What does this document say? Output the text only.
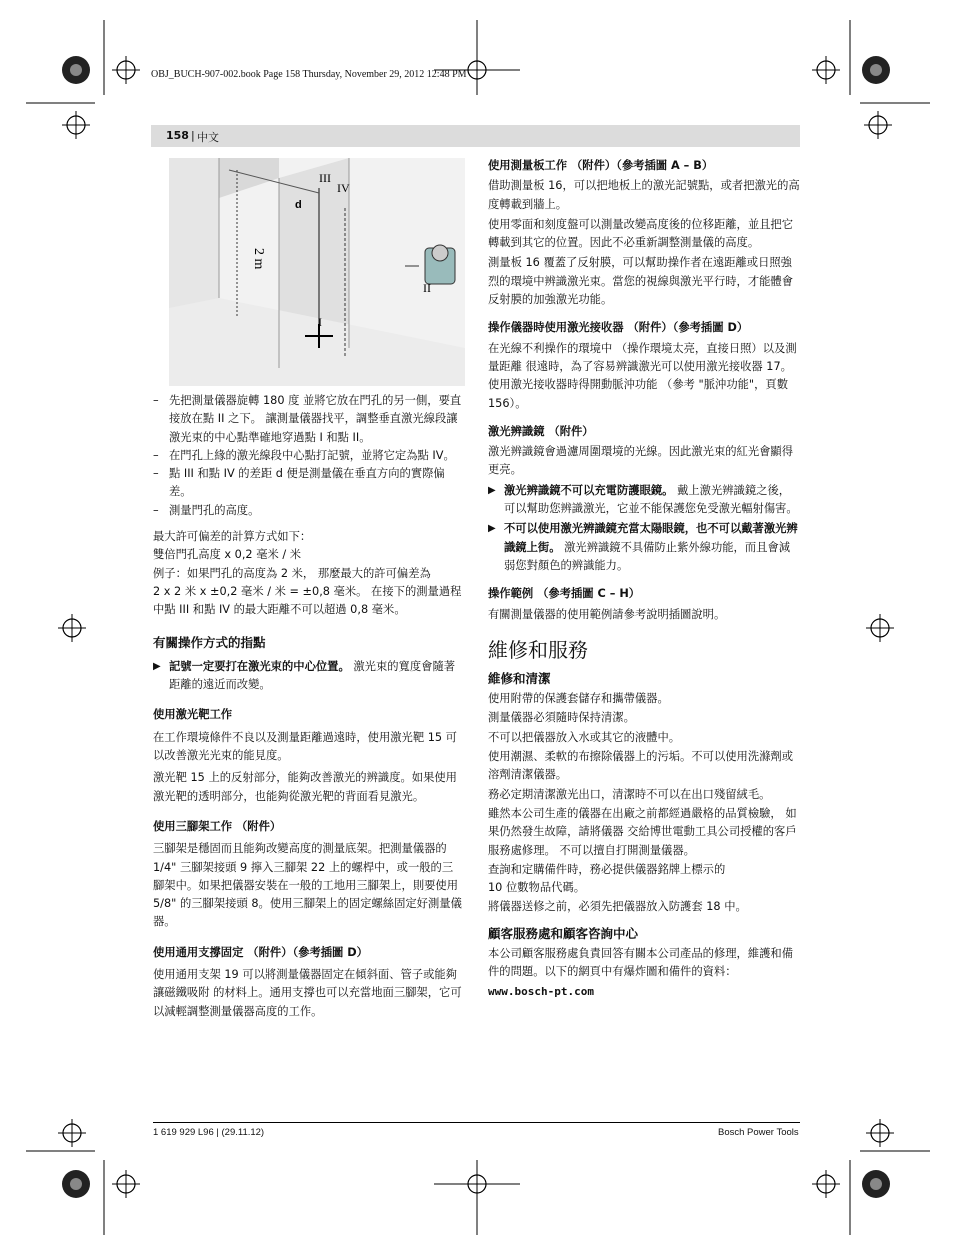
OBJ_BUCH-907-002.book Page 158 Thursday, November 29, 2012 12:48 PM
158 | 中文
III
IV
d
2 m
II
I
– 先把測量儀器旋轉 180 度 並將它放在門孔的另一側，要直接放在點 II 之下。 讓測量儀器找平，調整垂直激光線段讓激光束的中心點準確地穿過點 I 和點 II。
– 在門孔上緣的激光線段中心點打記號，並將它定為點 IV。
– 點 III 和點 IV 的差距 d 便是測量儀在垂直方向的實際偏差。
– 測量門孔的高度。

最大許可偏差的計算方式如下：
雙倍門孔高度 x 0,2 毫米 / 米
例子：如果門孔的高度為 2 米， 那麼最大的許可偏差為
2 x 2 米 x ±0,2 毫米 / 米 = ±0,8 毫米。 在接下的測量過程中點 III 和點 IV 的最大距離不可以超過 0,8 毫米。

有關操作方式的指點

▶ 記號一定要打在激光束的中心位置。 激光束的寬度會隨著距離的遠近而改變。

使用激光靶工作

在工作環境條件不良以及測量距離過遠時，使用激光靶 15 可以改善激光光束的能見度。

激光靶 15 上的反射部分，能夠改善激光的辨識度。如果使用激光靶的透明部分，也能夠從激光靶的背面看見激光。

使用三腳架工作 （附件）

三腳架是穩固而且能夠改變高度的測量底架。把測量儀器的 1/4" 三腳架接頭 9 擰入三腳架 22 上的螺桿中，或一般的三腳架中。如果把儀器安裝在一般的工地用三腳架上，則要使用 5/8" 的三腳架接頭 8。使用三腳架上的固定螺絲固定好測量儀器。

使用通用支撐固定 （附件）（參考插圖 D）

使用通用支架 19 可以將測量儀器固定在傾斜面、管子或能夠讓磁鐵吸附 的材料上。通用支撐也可以充當地面三腳架，它可以減輕調整測量儀器高度的工作。

使用測量板工作 （附件）（參考插圖 A – B）

借助測量板 16，可以把地板上的激光記號點，或者把激光的高度轉載到牆上。

使用零面和刻度盤可以測量改變高度後的位移距離，並且把它轉載到其它的位置。因此不必重新調整測量儀的高度。

測量板 16 覆蓋了反射膜，可以幫助操作者在遠距離或日照強烈的環境中辨識激光束。當您的視線與激光平行時，才能體會反射膜的加強激光功能。

操作儀器時使用激光接收器 （附件）（參考插圖 D）

在光線不利操作的環境中 （操作環境太亮，直接日照）以及測量距離 很遠時，為了容易辨識激光可以使用激光接收器 17。使用激光接收器時得開動脈沖功能 （參考 "脈沖功能"，頁數 156）。

激光辨識鏡 （附件）

激光辨識鏡會過濾周圍環境的光線。因此激光束的紅光會顯得更亮。

▶ 激光辨識鏡不可以充電防護眼鏡。 戴上激光辨識鏡之後，可以幫助您辨識激光，它並不能保護您免受激光輻射傷害。
▶ 不可以使用激光辨識鏡充當太陽眼鏡，也不可以戴著激光辨識鏡上街。 激光辨識鏡不具備防止紫外線功能，而且會減弱您對顏色的辨識能力。

操作範例 （參考插圖 C – H）

有關測量儀器的使用範例請參考說明插圖說明。

維修和服務

維修和清潔

使用附帶的保護套儲存和攜帶儀器。

測量儀器必須隨時保持清潔。

不可以把儀器放入水或其它的液體中。

使用潮濕、柔軟的布擦除儀器上的污垢。不可以使用洗滌劑或溶劑清潔儀器。

務必定期清潔激光出口，清潔時不可以在出口殘留絨毛。

雖然本公司生產的儀器在出廠之前都經過嚴格的品質檢驗， 如果仍然發生故障，請將儀器 交給博世電動工具公司授權的客戶服務處修理。 不可以擅自打開測量儀器。

查詢和定購備件時，務必提供儀器銘牌上標示的
10 位數物品代碼。

將儀器送修之前，必須先把儀器放入防護套 18 中。

顧客服務處和顧客咨詢中心

本公司顧客服務處負責回答有關本公司產品的修理，維護和備件的問題。以下的網頁中有爆炸圖和備件的資料：

www.bosch-pt.com

1 619 929 L96 | (29.11.12)	Bosch Power Tools
